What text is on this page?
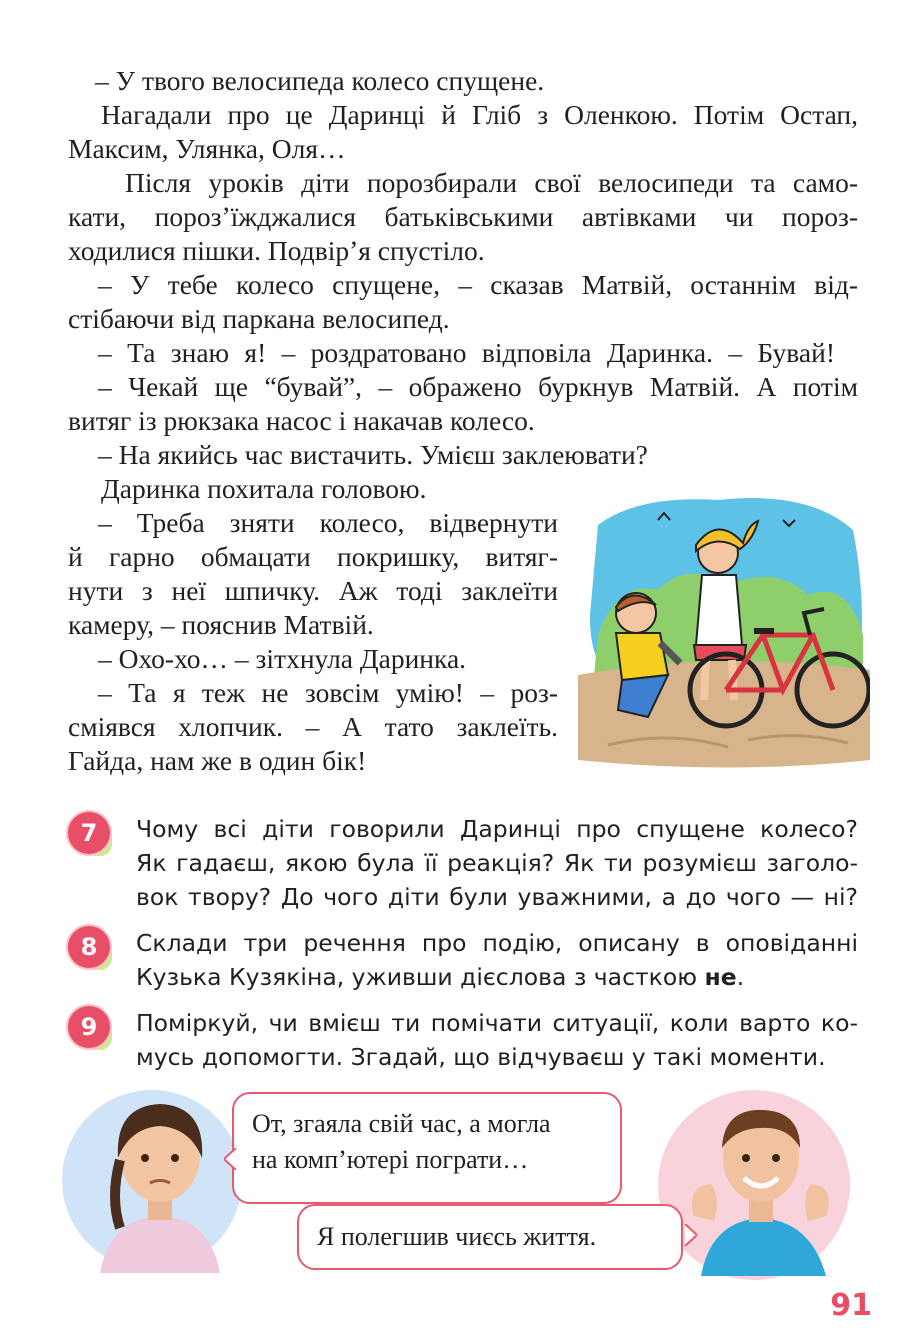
– У твого велосипеда колесо спущене.

Нагадали про це Даринці й Гліб з Оленкою. Потім Остап,

Максим, Улянка, Оля…

Після уроків діти порозбирали свої велосипеди та само-

кати, порозʼїжджалися батьківськими автівками чи пороз-

ходилися пішки. Подвірʼя спустіло.

– У тебе колесо спущене, – сказав Матвій, останнім від-

стібаючи від паркана велосипед.

– Та знаю я! – роздратовано відповіла Даринка. – Бувай!

– Чекай ще “бувай”, – ображено буркнув Матвій. А потім

витяг із рюкзака насос і накачав колесо.

– На якийсь час вистачить. Умієш заклеювати?

Даринка похитала головою.

– Треба зняти колесо, відвернути

й гарно обмацати покришку, витяг-

нути з неї шпичку. Аж тоді заклеїти

камеру, – пояснив Матвій.

– Охо-хо… – зітхнула Даринка.

– Та я теж не зовсім умію! – роз-

сміявся хлопчик. – А тато заклеїть.

Гайда, нам же в один бік!

7	Чому всі діти говорили Даринці про спущене колесо?

Як гадаєш, якою була її реакція? Як ти розумієш заголо-

вок твору? До чого діти були уважними, а до чого — ні?

8	Склади три речення про подію, описану в оповіданні

Кузька Кузякіна, уживши дієслова з часткою не.

9	Поміркуй, чи вмієш ти помічати ситуації, коли варто ко-

мусь допомогти. Згадай, що відчуваєш у такі моменти.

От, згаяла свій час, а могла
на компʼютері пограти…
Я полегшив чиєсь життя.
91
